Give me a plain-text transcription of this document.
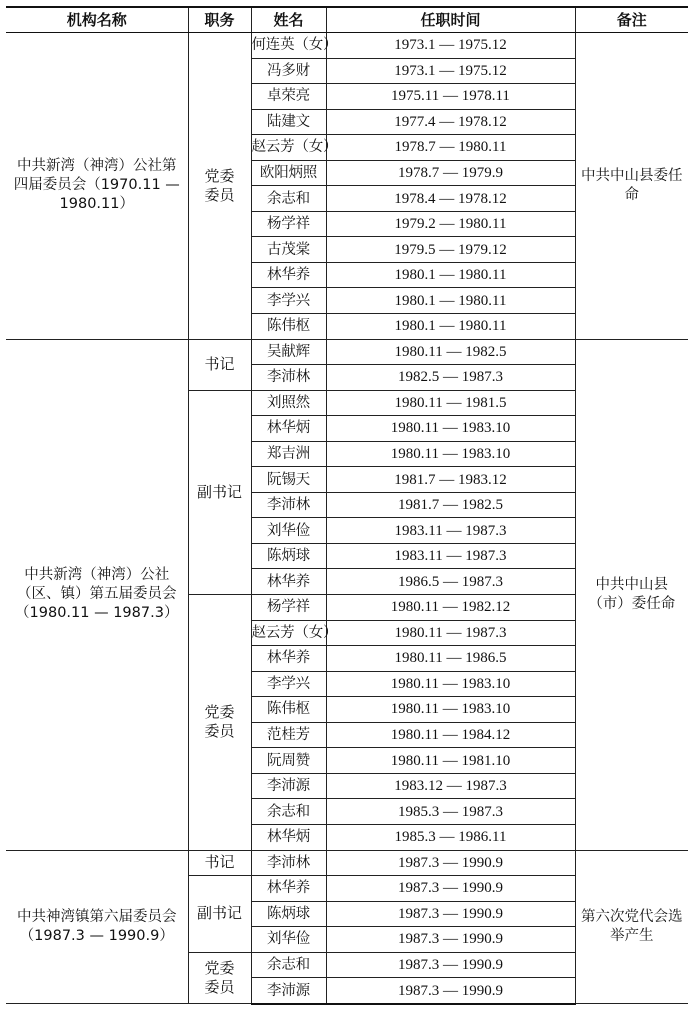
机构名称	职务	姓名	任职时间	备注
中共新湾（神湾）公社第四届委员会（1970.11 — 1980.11）	党委委员	何连英（女）	1973.1 — 1975.12	中共中山县委任命
		冯多财	1973.1 — 1975.12	
		卓荣亮	1975.11 — 1978.11	
		陆建文	1977.4 — 1978.12	
		赵云芳（女）	1978.7 — 1980.11	
		欧阳炳照	1978.7 — 1979.9	
		余志和	1978.4 — 1978.12	
		杨学祥	1979.2 — 1980.11	
		古茂棠	1979.5 — 1979.12	
		林华养	1980.1 — 1980.11	
		李学兴	1980.1 — 1980.11	
		陈伟枢	1980.1 — 1980.11	
中共新湾（神湾）公社（区、镇）第五届委员会（1980.11 — 1987.3）	书记	吴献辉	1980.11 — 1982.5	中共中山县（市）委任命
		李沛林	1982.5 — 1987.3	

	副书记	刘照然	1980.11 — 1981.5	
		林华炳	1980.11 — 1983.10	
		郑吉洲	1980.11 — 1983.10	
		阮锡天	1981.7 — 1983.12	
		李沛林	1981.7 — 1982.5	
		刘华俭	1983.11 — 1987.3	
		陈炳球	1983.11 — 1987.3	
		林华养	1986.5 — 1987.3	

	党委委员	杨学祥	1980.11 — 1982.12	
		赵云芳（女）	1980.11 — 1987.3	
		林华养	1980.11 — 1986.5	
		李学兴	1980.11 — 1983.10	
		陈伟枢	1980.11 — 1983.10	
		范桂芳	1980.11 — 1984.12	
		阮周赞	1980.11 — 1981.10	
		李沛源	1983.12 — 1987.3	
		余志和	1985.3 — 1987.3	
		林华炳	1985.3 — 1986.11	
中共神湾镇第六届委员会（1987.3 — 1990.9）	书记	李沛林	1987.3 — 1990.9	第六次党代会选举产生

	副书记	林华养	1987.3 — 1990.9	
		陈炳球	1987.3 — 1990.9	
		刘华俭	1987.3 — 1990.9	

	党委委员	余志和	1987.3 — 1990.9	
		李沛源	1987.3 — 1990.9	
